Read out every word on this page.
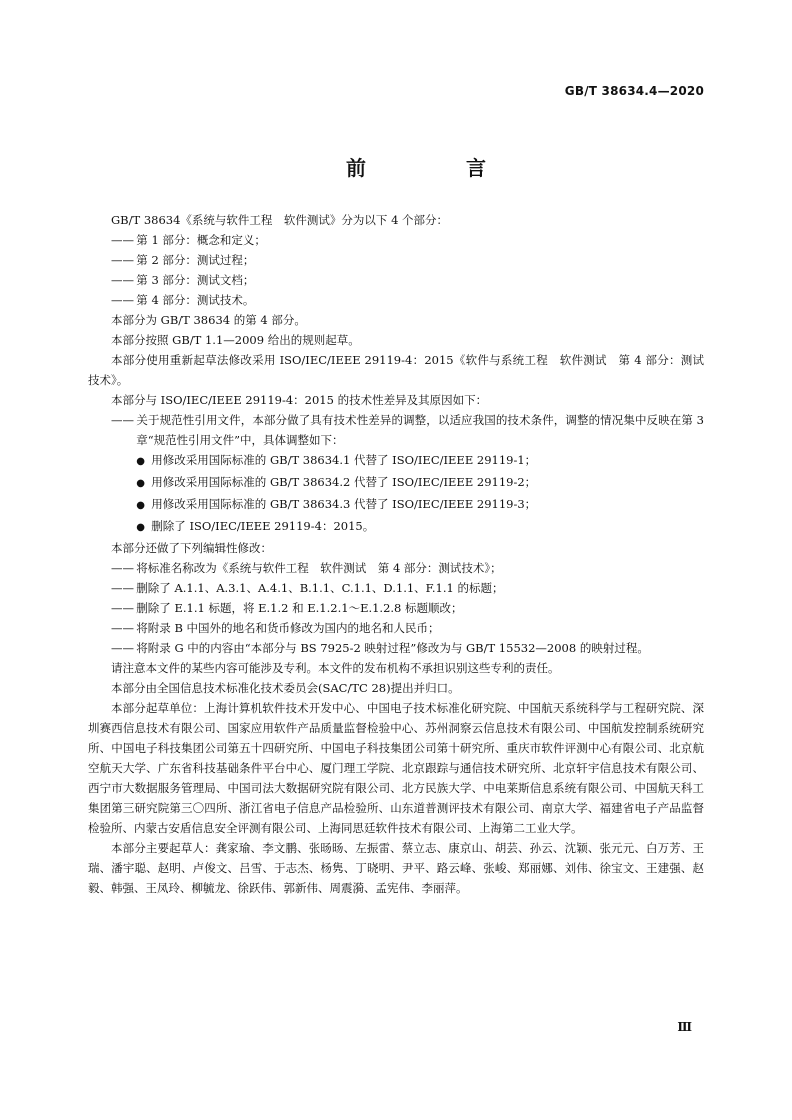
GB/T 38634.4—2020
前　言

GB/T 38634《系统与软件工程　软件测试》分为以下 4 个部分：

—— 第 1 部分：概念和定义；

—— 第 2 部分：测试过程；

—— 第 3 部分：测试文档；

—— 第 4 部分：测试技术。

本部分为 GB/T 38634 的第 4 部分。

本部分按照 GB/T 1.1—2009 给出的规则起草。

本部分使用重新起草法修改采用 ISO/IEC/IEEE 29119-4：2015《软件与系统工程　软件测试　第 4 部分：测试技术》。

本部分与 ISO/IEC/IEEE 29119-4：2015 的技术性差异及其原因如下：

—— 关于规范性引用文件，本部分做了具有技术性差异的调整，以适应我国的技术条件，调整的情况集中反映在第 3 章“规范性引用文件”中，具体调整如下：

● 用修改采用国际标准的 GB/T 38634.1 代替了 ISO/IEC/IEEE 29119-1；

● 用修改采用国际标准的 GB/T 38634.2 代替了 ISO/IEC/IEEE 29119-2；

● 用修改采用国际标准的 GB/T 38634.3 代替了 ISO/IEC/IEEE 29119-3；

● 删除了 ISO/IEC/IEEE 29119-4：2015。

本部分还做了下列编辑性修改：

—— 将标准名称改为《系统与软件工程　软件测试　第 4 部分：测试技术》；

—— 删除了 A.1.1、A.3.1、A.4.1、B.1.1、C.1.1、D.1.1、F.1.1 的标题；

—— 删除了 E.1.1 标题，将 E.1.2 和 E.1.2.1～E.1.2.8 标题顺改；

—— 将附录 B 中国外的地名和货币修改为国内的地名和人民币；

—— 将附录 G 中的内容由“本部分与 BS 7925-2 映射过程”修改为与 GB/T 15532—2008 的映射过程。

请注意本文件的某些内容可能涉及专利。本文件的发布机构不承担识别这些专利的责任。

本部分由全国信息技术标准化技术委员会(SAC/TC 28)提出并归口。

本部分起草单位：上海计算机软件技术开发中心、中国电子技术标准化研究院、中国航天系统科学与工程研究院、深圳赛西信息技术有限公司、国家应用软件产品质量监督检验中心、苏州洞察云信息技术有限公司、中国航发控制系统研究所、中国电子科技集团公司第五十四研究所、中国电子科技集团公司第十研究所、重庆市软件评测中心有限公司、北京航空航天大学、广东省科技基础条件平台中心、厦门理工学院、北京跟踪与通信技术研究所、北京轩宇信息技术有限公司、西宁市大数据服务管理局、中国司法大数据研究院有限公司、北方民族大学、中电莱斯信息系统有限公司、中国航天科工集团第三研究院第三〇四所、浙江省电子信息产品检验所、山东道普测评技术有限公司、南京大学、福建省电子产品监督检验所、内蒙古安盾信息安全评测有限公司、上海同思廷软件技术有限公司、上海第二工业大学。

本部分主要起草人：龚家瑜、李文鹏、张旸旸、左振雷、蔡立志、康京山、胡芸、孙云、沈颖、张元元、白万芳、王瑞、潘宇聪、赵明、卢俊文、吕雪、于志杰、杨隽、丁晓明、尹平、路云峰、张峻、郑丽娜、刘伟、徐宝文、王建强、赵毅、韩强、王凤玲、柳毓龙、徐跃伟、郭新伟、周震漪、孟宪伟、李丽萍。

Ⅲ
